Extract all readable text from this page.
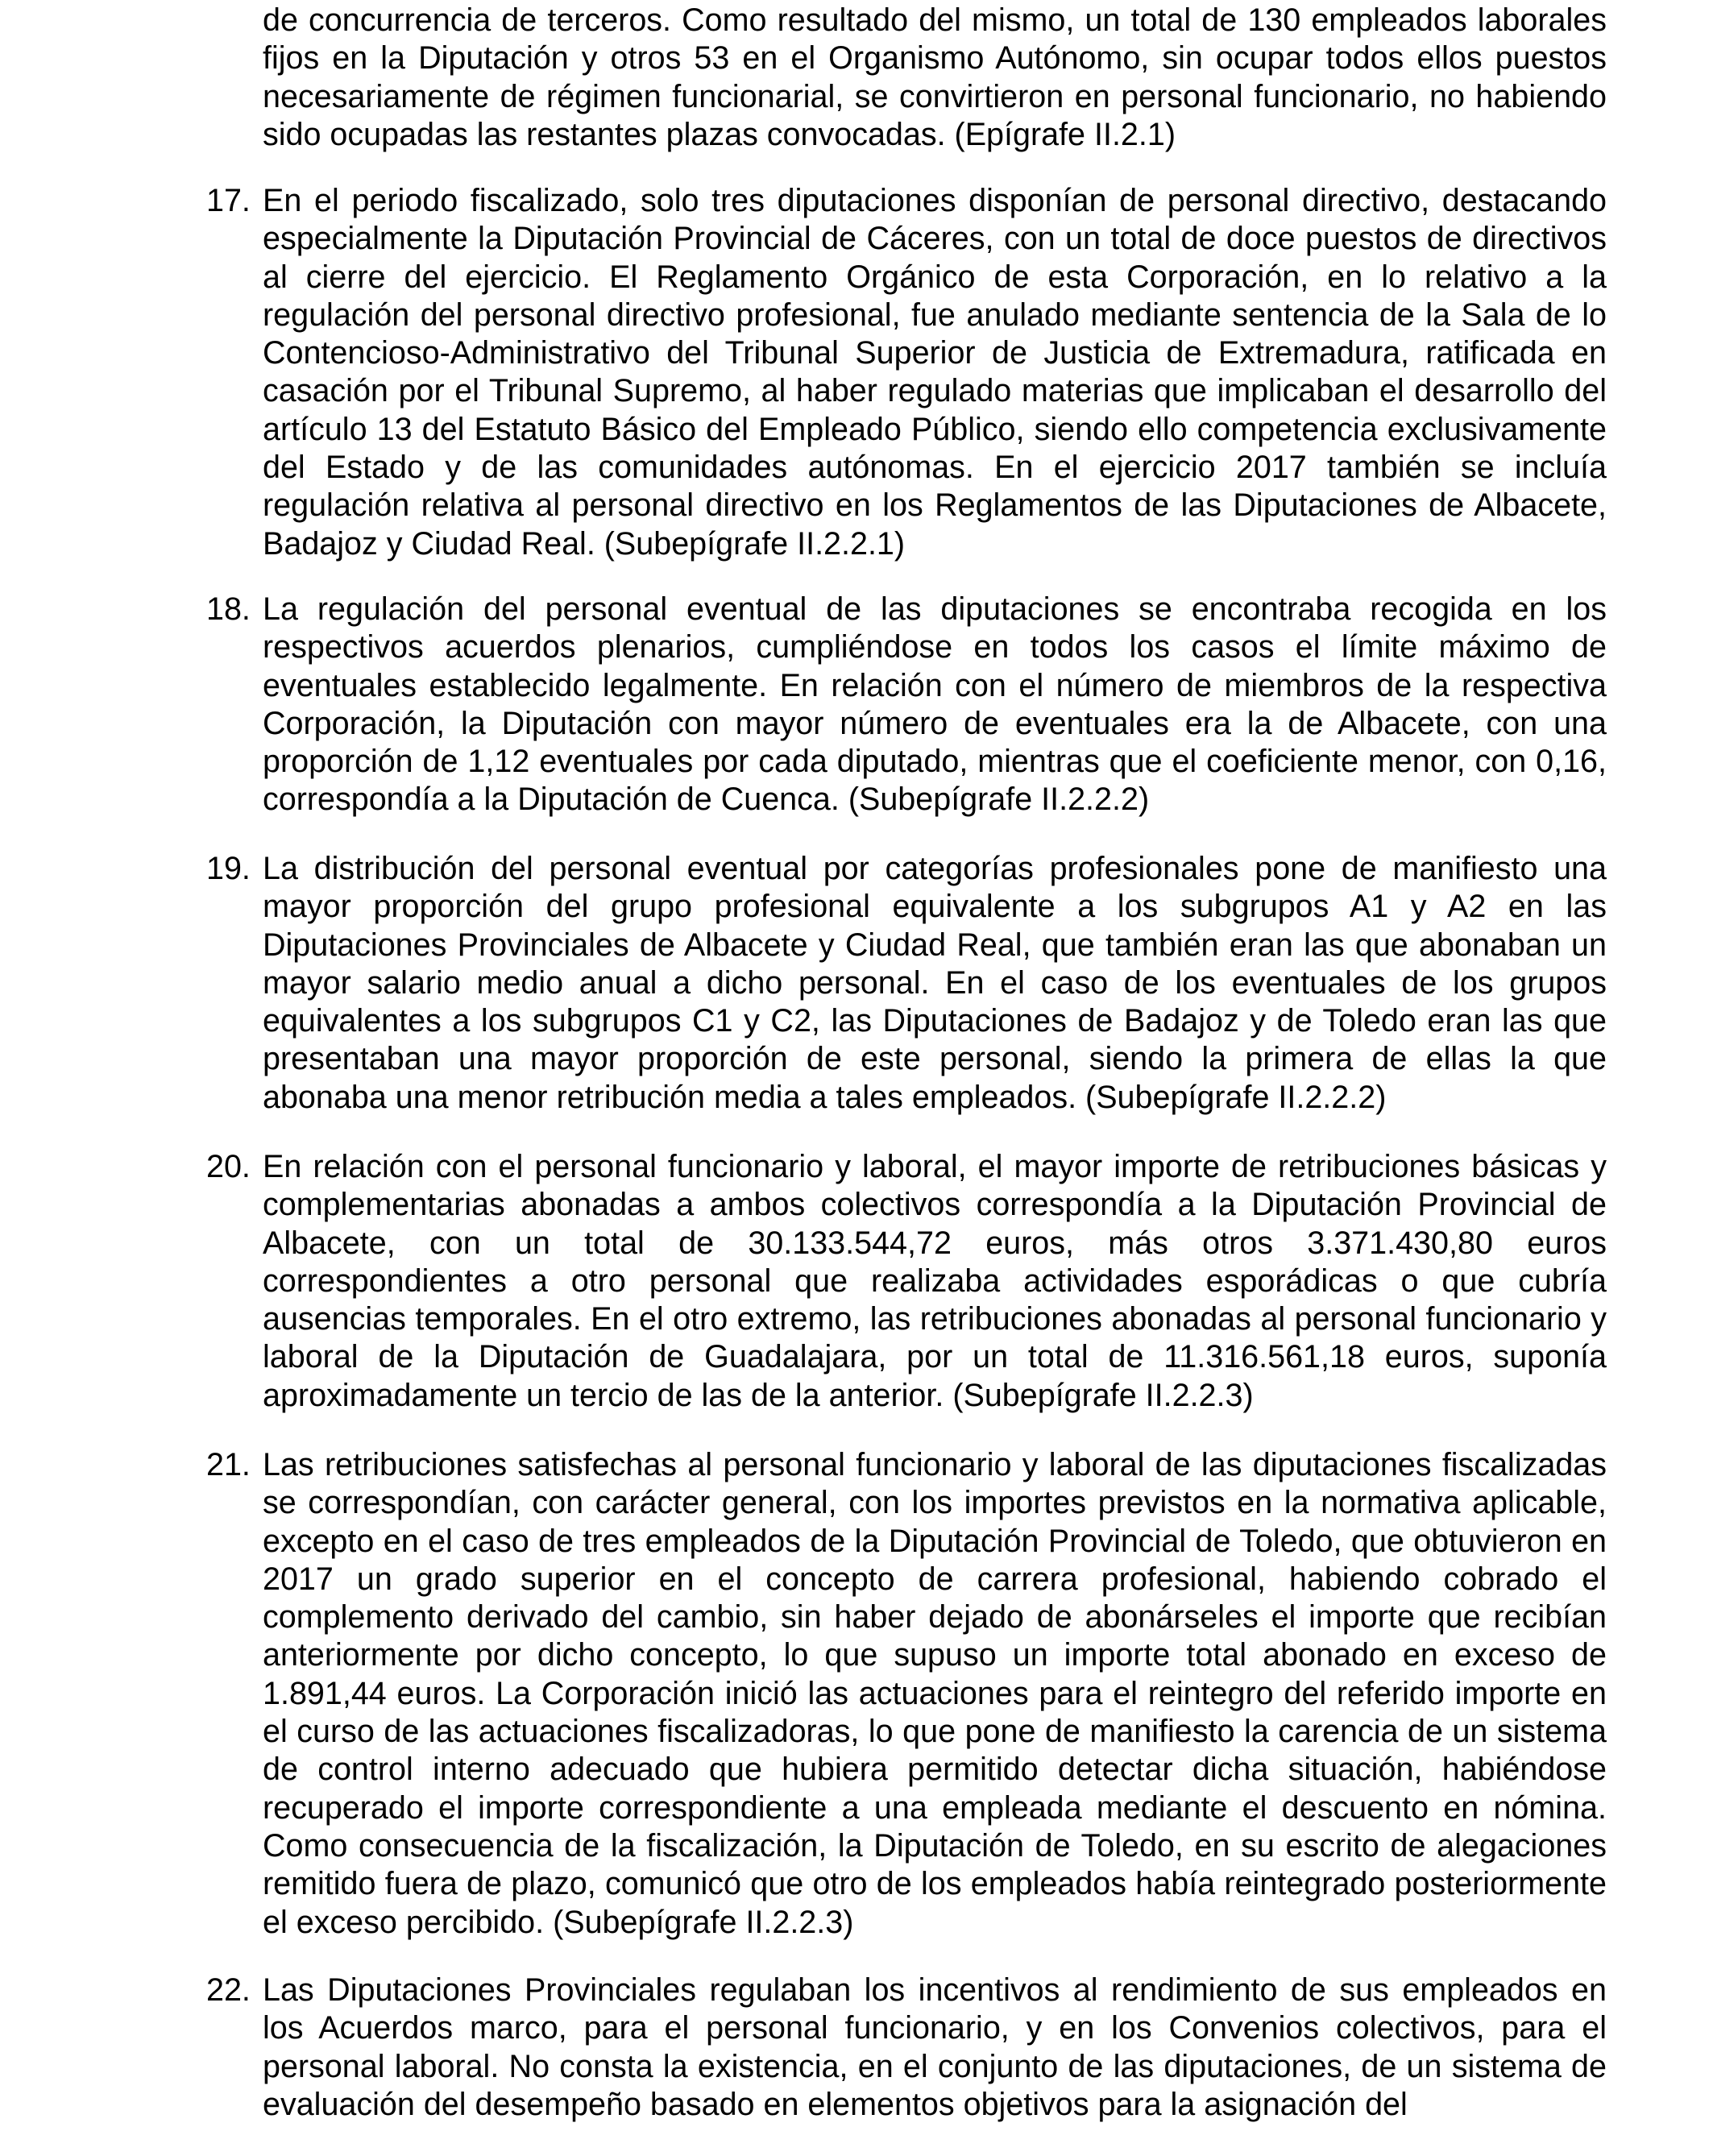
de concurrencia de terceros. Como resultado del mismo, un total de 130 empleados laborales fijos en la Diputación y otros 53 en el Organismo Autónomo, sin ocupar todos ellos puestos necesariamente de régimen funcionarial, se convirtieron en personal funcionario, no habiendo sido ocupadas las restantes plazas convocadas. (Epígrafe II.2.1)
17. En el periodo fiscalizado, solo tres diputaciones disponían de personal directivo, destacando especialmente la Diputación Provincial de Cáceres, con un total de doce puestos de directivos al cierre del ejercicio. El Reglamento Orgánico de esta Corporación, en lo relativo a la regulación del personal directivo profesional, fue anulado mediante sentencia de la Sala de lo Contencioso-Administrativo del Tribunal Superior de Justicia de Extremadura, ratificada en casación por el Tribunal Supremo, al haber regulado materias que implicaban el desarrollo del artículo 13 del Estatuto Básico del Empleado Público, siendo ello competencia exclusivamente del Estado y de las comunidades autónomas. En el ejercicio 2017 también se incluía regulación relativa al personal directivo en los Reglamentos de las Diputaciones de Albacete, Badajoz y Ciudad Real. (Subepígrafe II.2.2.1)
18. La regulación del personal eventual de las diputaciones se encontraba recogida en los respectivos acuerdos plenarios, cumpliéndose en todos los casos el límite máximo de eventuales establecido legalmente. En relación con el número de miembros de la respectiva Corporación, la Diputación con mayor número de eventuales era la de Albacete, con una proporción de 1,12 eventuales por cada diputado, mientras que el coeficiente menor, con 0,16, correspondía a la Diputación de Cuenca. (Subepígrafe II.2.2.2)
19. La distribución del personal eventual por categorías profesionales pone de manifiesto una mayor proporción del grupo profesional equivalente a los subgrupos A1 y A2 en las Diputaciones Provinciales de Albacete y Ciudad Real, que también eran las que abonaban un mayor salario medio anual a dicho personal. En el caso de los eventuales de los grupos equivalentes a los subgrupos C1 y C2, las Diputaciones de Badajoz y de Toledo eran las que presentaban una mayor proporción de este personal, siendo la primera de ellas la que abonaba una menor retribución media a tales empleados. (Subepígrafe II.2.2.2)
20. En relación con el personal funcionario y laboral, el mayor importe de retribuciones básicas y complementarias abonadas a ambos colectivos correspondía a la Diputación Provincial de Albacete, con un total de 30.133.544,72 euros, más otros 3.371.430,80 euros correspondientes a otro personal que realizaba actividades esporádicas o que cubría ausencias temporales. En el otro extremo, las retribuciones abonadas al personal funcionario y laboral de la Diputación de Guadalajara, por un total de 11.316.561,18 euros, suponía aproximadamente un tercio de las de la anterior. (Subepígrafe II.2.2.3)
21. Las retribuciones satisfechas al personal funcionario y laboral de las diputaciones fiscalizadas se correspondían, con carácter general, con los importes previstos en la normativa aplicable, excepto en el caso de tres empleados de la Diputación Provincial de Toledo, que obtuvieron en 2017 un grado superior en el concepto de carrera profesional, habiendo cobrado el complemento derivado del cambio, sin haber dejado de abonárseles el importe que recibían anteriormente por dicho concepto, lo que supuso un importe total abonado en exceso de 1.891,44 euros. La Corporación inició las actuaciones para el reintegro del referido importe en el curso de las actuaciones fiscalizadoras, lo que pone de manifiesto la carencia de un sistema de control interno adecuado que hubiera permitido detectar dicha situación, habiéndose recuperado el importe correspondiente a una empleada mediante el descuento en nómina. Como consecuencia de la fiscalización, la Diputación de Toledo, en su escrito de alegaciones remitido fuera de plazo, comunicó que otro de los empleados había reintegrado posteriormente el exceso percibido. (Subepígrafe II.2.2.3)
22. Las Diputaciones Provinciales regulaban los incentivos al rendimiento de sus empleados en los Acuerdos marco, para el personal funcionario, y en los Convenios colectivos, para el personal laboral. No consta la existencia, en el conjunto de las diputaciones, de un sistema de evaluación del desempeño basado en elementos objetivos para la asignación del
